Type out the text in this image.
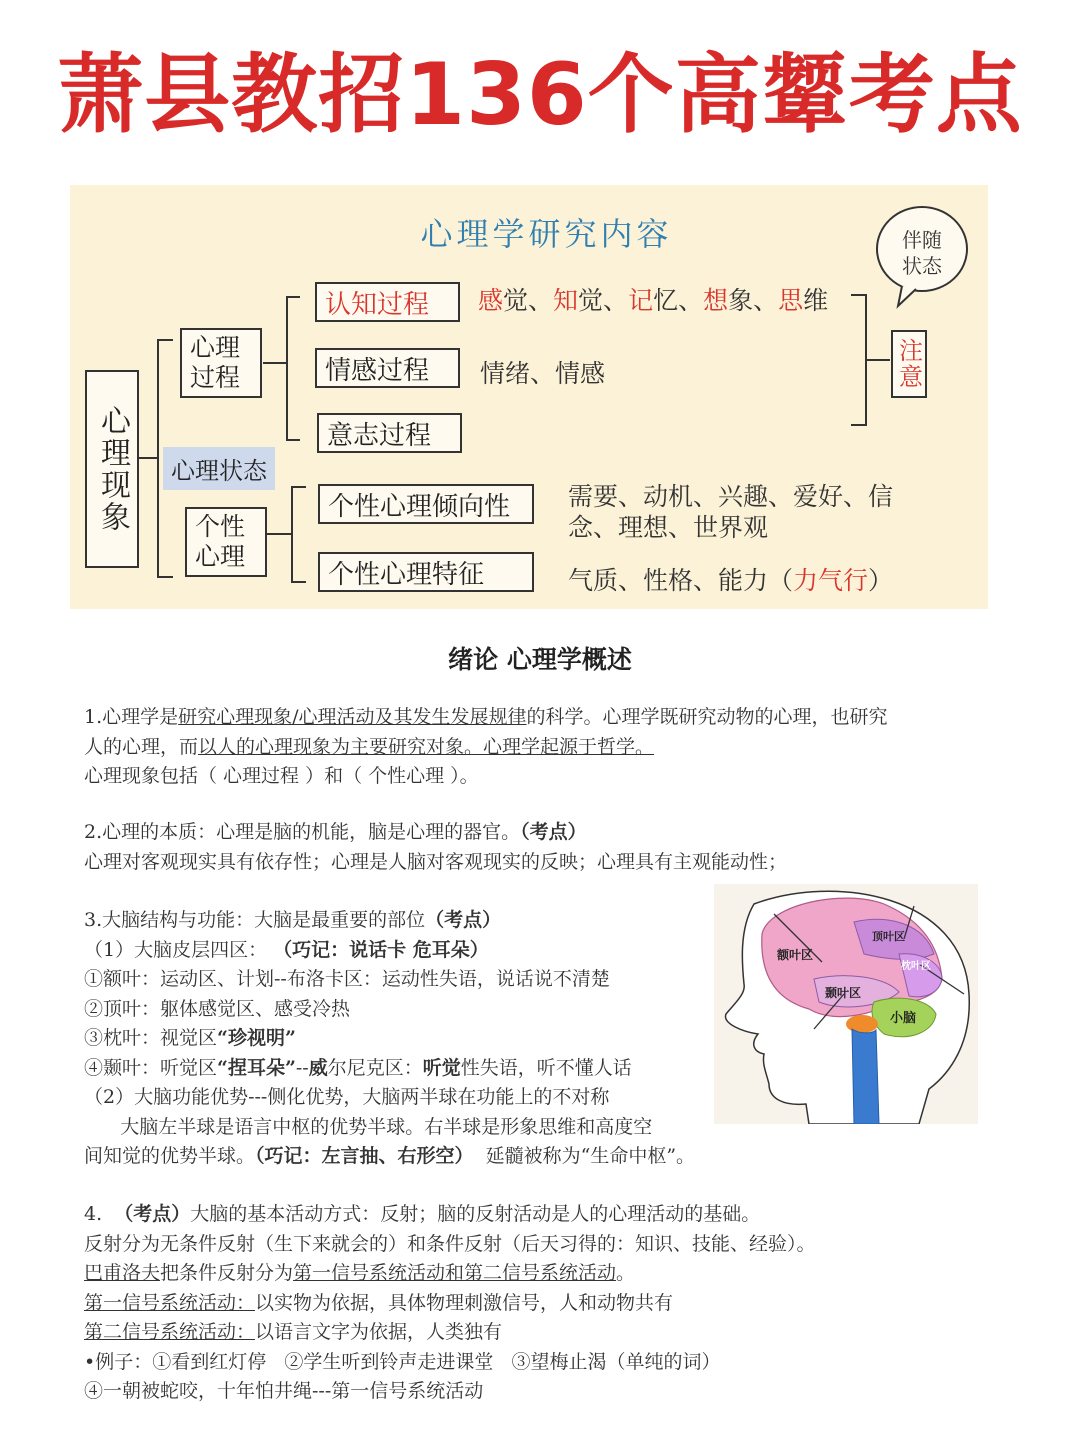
萧县教招136个高颦考点
心理学研究内容
心理现象
心理过程
心理状态
个性心理
认知过程
情感过程
意志过程
个性心理倾向性
个性心理特征
感觉、知觉、记忆、想象、思维
情绪、情感
需要、动机、兴趣、爱好、信
念、理想、世界观
气质、性格、能力（力气行）
伴随
状态
注意
绪论 心理学概述

1.心理学是研究心理现象/心理活动及其发生发展规律的科学。心理学既研究动物的心理，也研究

人的心理，而以人的心理现象为主要研究对象。心理学起源于哲学。

心理现象包括（ 心理过程 ）和（ 个性心理 ）。

2.心理的本质：心理是脑的机能，脑是心理的器官。（考点）

心理对客观现实具有依存性；心理是人脑对客观现实的反映；心理具有主观能动性；

3.大脑结构与功能：大脑是最重要的部位（考点）

（1）大脑皮层四区： （巧记：说话卡 危耳朵）

①额叶：运动区、计划--布洛卡区：运动性失语，说话说不清楚

②顶叶：躯体感觉区、感受冷热

③枕叶：视觉区“珍视明”

④颞叶：听觉区“捏耳朵”--威尔尼克区：听觉性失语，听不懂人话

（2）大脑功能优势---侧化优势，大脑两半球在功能上的不对称

大脑左半球是语言中枢的优势半球。右半球是形象思维和高度空

间知觉的优势半球。（巧记：左言抽、右形空）  延髓被称为“生命中枢”。

额叶区
顶叶区
枕叶区
颞叶区
小脑

4.  （考点）大脑的基本活动方式：反射；脑的反射活动是人的心理活动的基础。

反射分为无条件反射（生下来就会的）和条件反射（后天习得的：知识、技能、经验）。

巴甫洛夫把条件反射分为第一信号系统活动和第二信号系统活动。

第一信号系统活动：以实物为依据，具体物理刺激信号，人和动物共有

第二信号系统活动：以语言文字为依据，人类独有

•例子：①看到红灯停   ②学生听到铃声走进课堂   ③望梅止渴（单纯的词）

④一朝被蛇咬，十年怕井绳---第一信号系统活动
